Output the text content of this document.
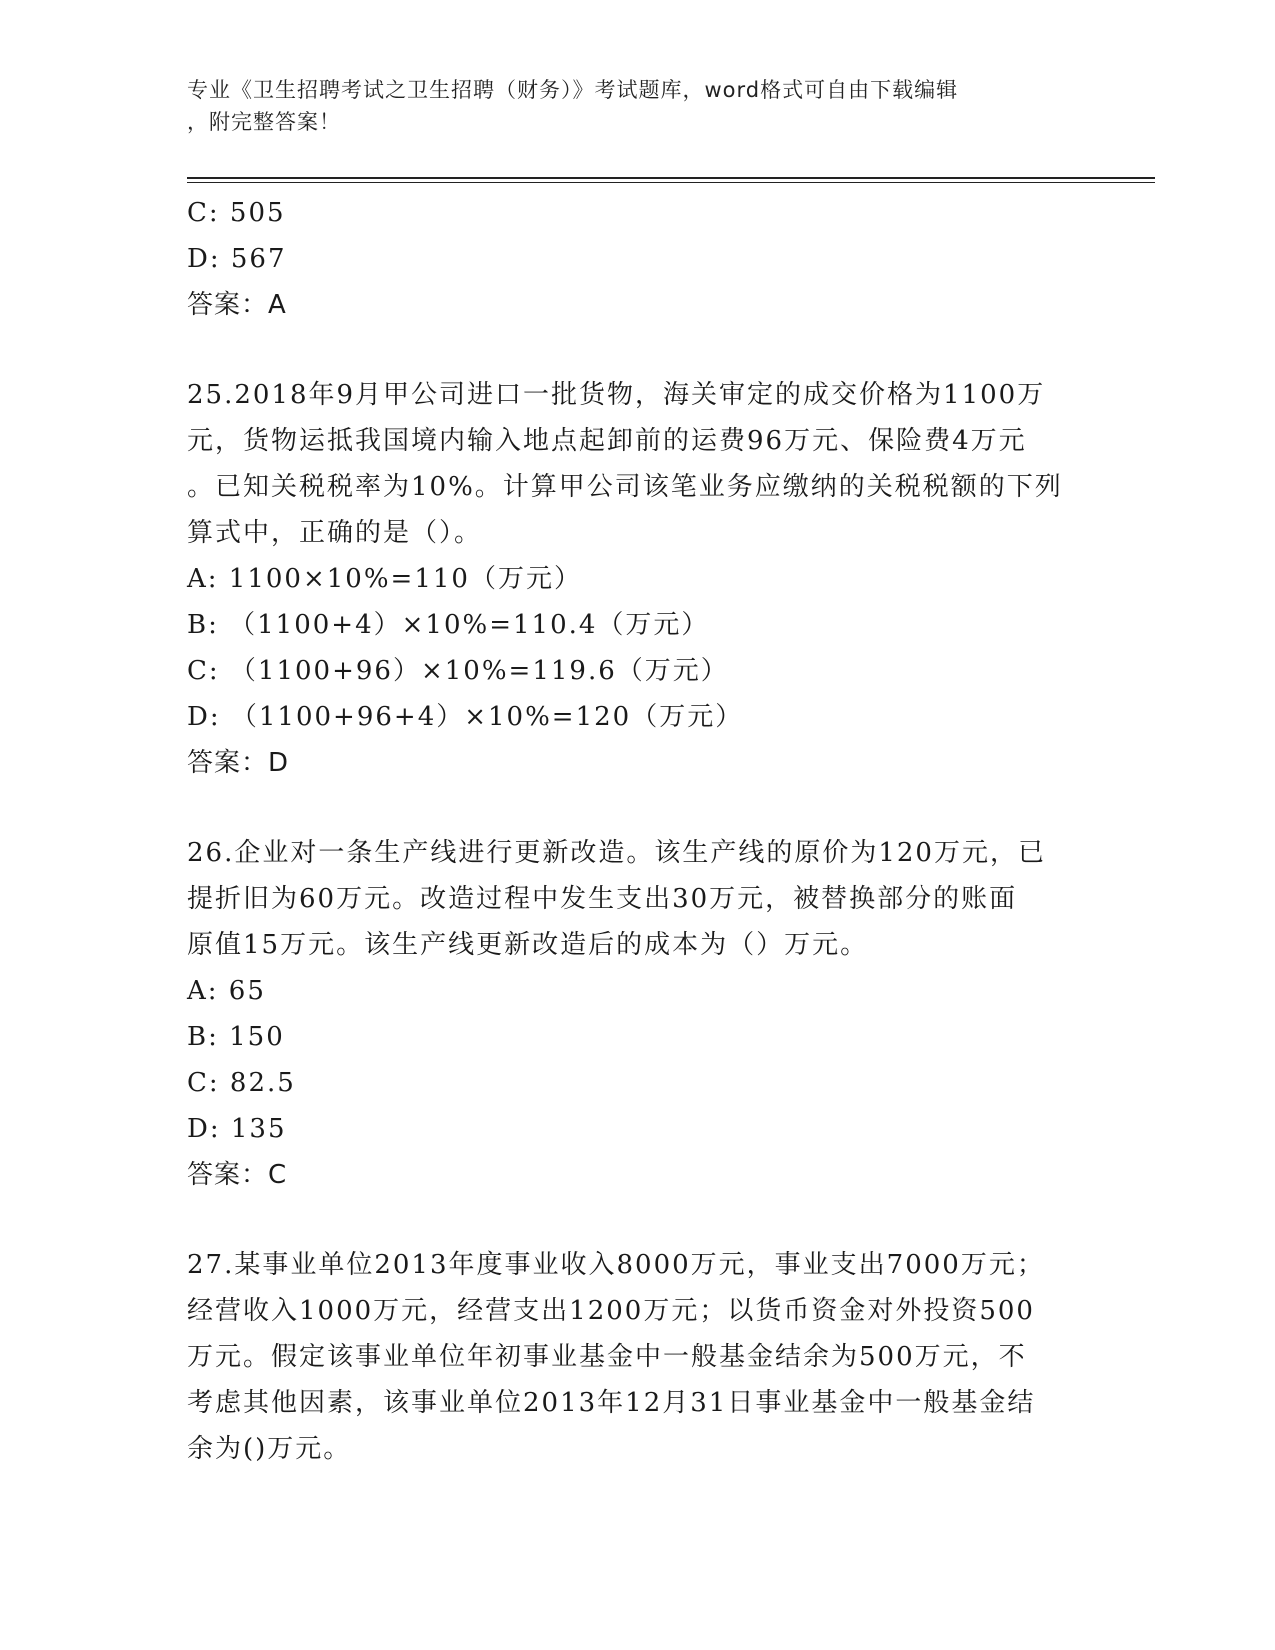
专业《卫生招聘考试之卫生招聘（财务）》考试题库，word格式可自由下载编辑
，附完整答案！
C: 505
D: 567
答案：A
25.2018年9月甲公司进口一批货物，海关审定的成交价格为1100万
元，货物运抵我国境内输入地点起卸前的运费96万元、保险费4万元
。已知关税税率为10%。计算甲公司该笔业务应缴纳的关税税额的下列
算式中，正确的是（）。
A: 1100×10%=110（万元）
B: （1100+4）×10%=110.4（万元）
C: （1100+96）×10%=119.6（万元）
D: （1100+96+4）×10%=120（万元）
答案：D
26.企业对一条生产线进行更新改造。该生产线的原价为120万元，已
提折旧为60万元。改造过程中发生支出30万元，被替换部分的账面
原值15万元。该生产线更新改造后的成本为（）万元。
A: 65
B: 150
C: 82.5
D: 135
答案：C
27.某事业单位2013年度事业收入8000万元，事业支出7000万元；
经营收入1000万元，经营支出1200万元；以货币资金对外投资500
万元。假定该事业单位年初事业基金中一般基金结余为500万元，不
考虑其他因素，该事业单位2013年12月31日事业基金中一般基金结
余为()万元。
